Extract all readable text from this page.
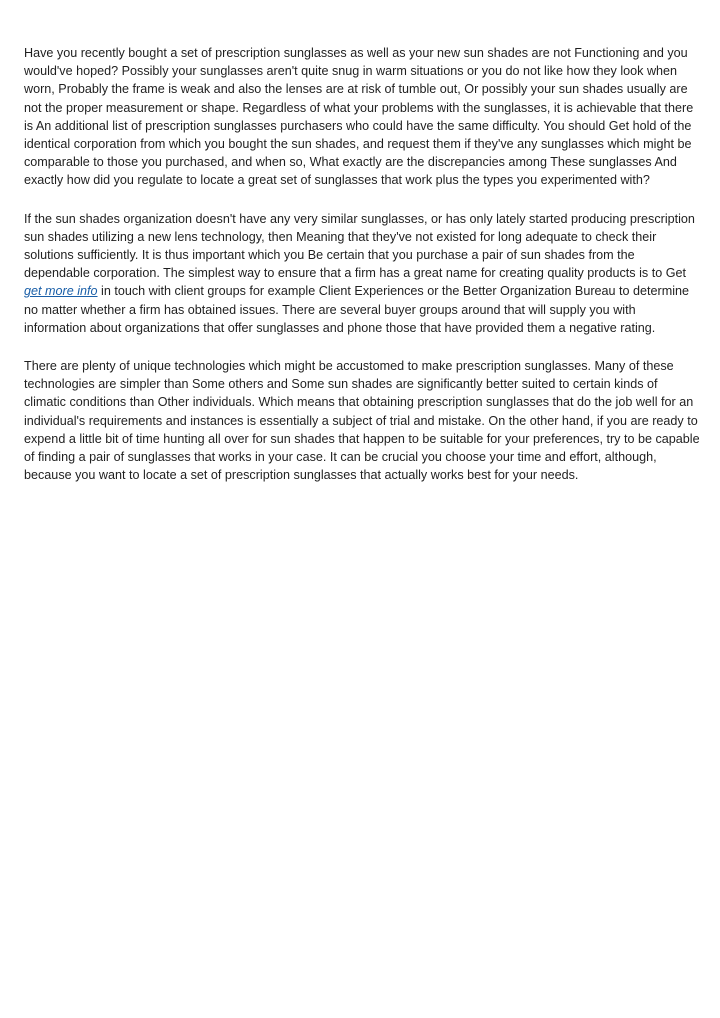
Have you recently bought a set of prescription sunglasses as well as your new sun shades are not Functioning and you would've hoped? Possibly your sunglasses aren't quite snug in warm situations or you do not like how they look when worn, Probably the frame is weak and also the lenses are at risk of tumble out, Or possibly your sun shades usually are not the proper measurement or shape. Regardless of what your problems with the sunglasses, it is achievable that there is An additional list of prescription sunglasses purchasers who could have the same difficulty. You should Get hold of the identical corporation from which you bought the sun shades, and request them if they've any sunglasses which might be comparable to those you purchased, and when so, What exactly are the discrepancies among These sunglasses And exactly how did you regulate to locate a great set of sunglasses that work plus the types you experimented with?

If the sun shades organization doesn't have any very similar sunglasses, or has only lately started producing prescription sun shades utilizing a new lens technology, then Meaning that they've not existed for long adequate to check their solutions sufficiently. It is thus important which you Be certain that you purchase a pair of sun shades from the dependable corporation. The simplest way to ensure that a firm has a great name for creating quality products is to Get get more info in touch with client groups for example Client Experiences or the Better Organization Bureau to determine no matter whether a firm has obtained issues. There are several buyer groups around that will supply you with information about organizations that offer sunglasses and phone those that have provided them a negative rating.

There are plenty of unique technologies which might be accustomed to make prescription sunglasses. Many of these technologies are simpler than Some others and Some sun shades are significantly better suited to certain kinds of climatic conditions than Other individuals. Which means that obtaining prescription sunglasses that do the job well for an individual's requirements and instances is essentially a subject of trial and mistake. On the other hand, if you are ready to expend a little bit of time hunting all over for sun shades that happen to be suitable for your preferences, try to be capable of finding a pair of sunglasses that works in your case. It can be crucial you choose your time and effort, although, because you want to locate a set of prescription sunglasses that actually works best for your needs.
